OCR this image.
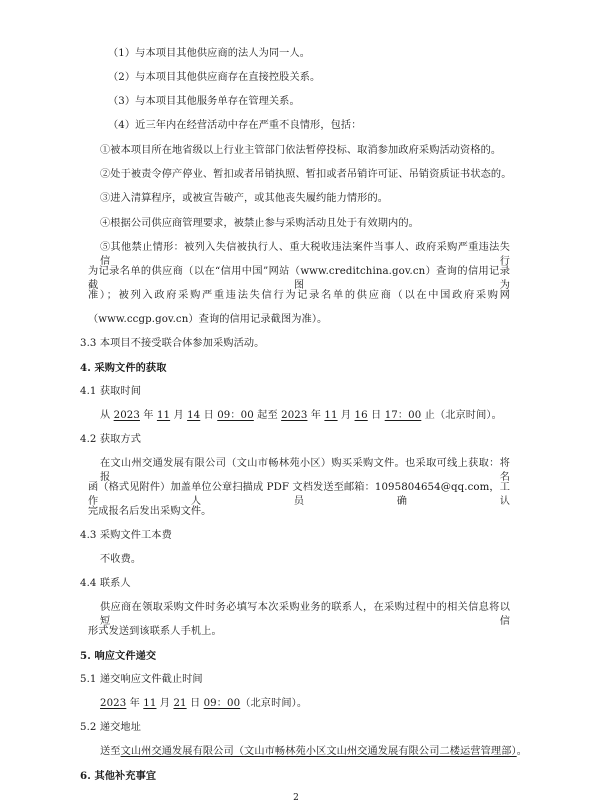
（1）与本项目其他供应商的法人为同一人。
（2）与本项目其他供应商存在直接控股关系。
（3）与本项目其他服务单存在管理关系。
（4）近三年内在经营活动中存在严重不良情形，包括：
①被本项目所在地省级以上行业主管部门依法暂停投标、取消参加政府采购活动资格的。
②处于被责令停产停业、暂扣或者吊销执照、暂扣或者吊销许可证、吊销资质证书状态的。
③进入清算程序，或被宣告破产，或其他丧失履约能力情形的。
④根据公司供应商管理要求，被禁止参与采购活动且处于有效期内的。
⑤其他禁止情形：被列入失信被执行人、重大税收违法案件当事人、政府采购严重违法失信行
为记录名单的供应商（以在“信用中国”网站（www.creditchina.gov.cn）查询的信用记录截图为
准）；被列入政府采购严重违法失信行为记录名单的供应商（以在中国政府采购网
（www.ccgp.gov.cn）查询的信用记录截图为准）。
3.3 本项目不接受联合体参加采购活动。
4. 采购文件的获取
4.1 获取时间
从 2023 年 11 月 14 日 09：00 起至 2023 年 11 月 16 日 17：00 止（北京时间）。
4.2 获取方式
在文山州交通发展有限公司（文山市畅林苑小区）购买采购文件。也采取可线上获取：将报名
函（格式见附件）加盖单位公章扫描成 PDF 文档发送至邮箱：1095804654@qq.com，工作人员确认
完成报名后发出采购文件。
4.3 采购文件工本费
不收费。
4.4 联系人
供应商在领取采购文件时务必填写本次采购业务的联系人，在采购过程中的相关信息将以短信
形式发送到该联系人手机上。
5. 响应文件递交
5.1 递交响应文件截止时间
2023 年 11 月 21 日 09：00（北京时间）。
5.2 递交地址
送至文山州交通发展有限公司（文山市畅林苑小区文山州交通发展有限公司二楼运营管理部）。
6. 其他补充事宜
2
